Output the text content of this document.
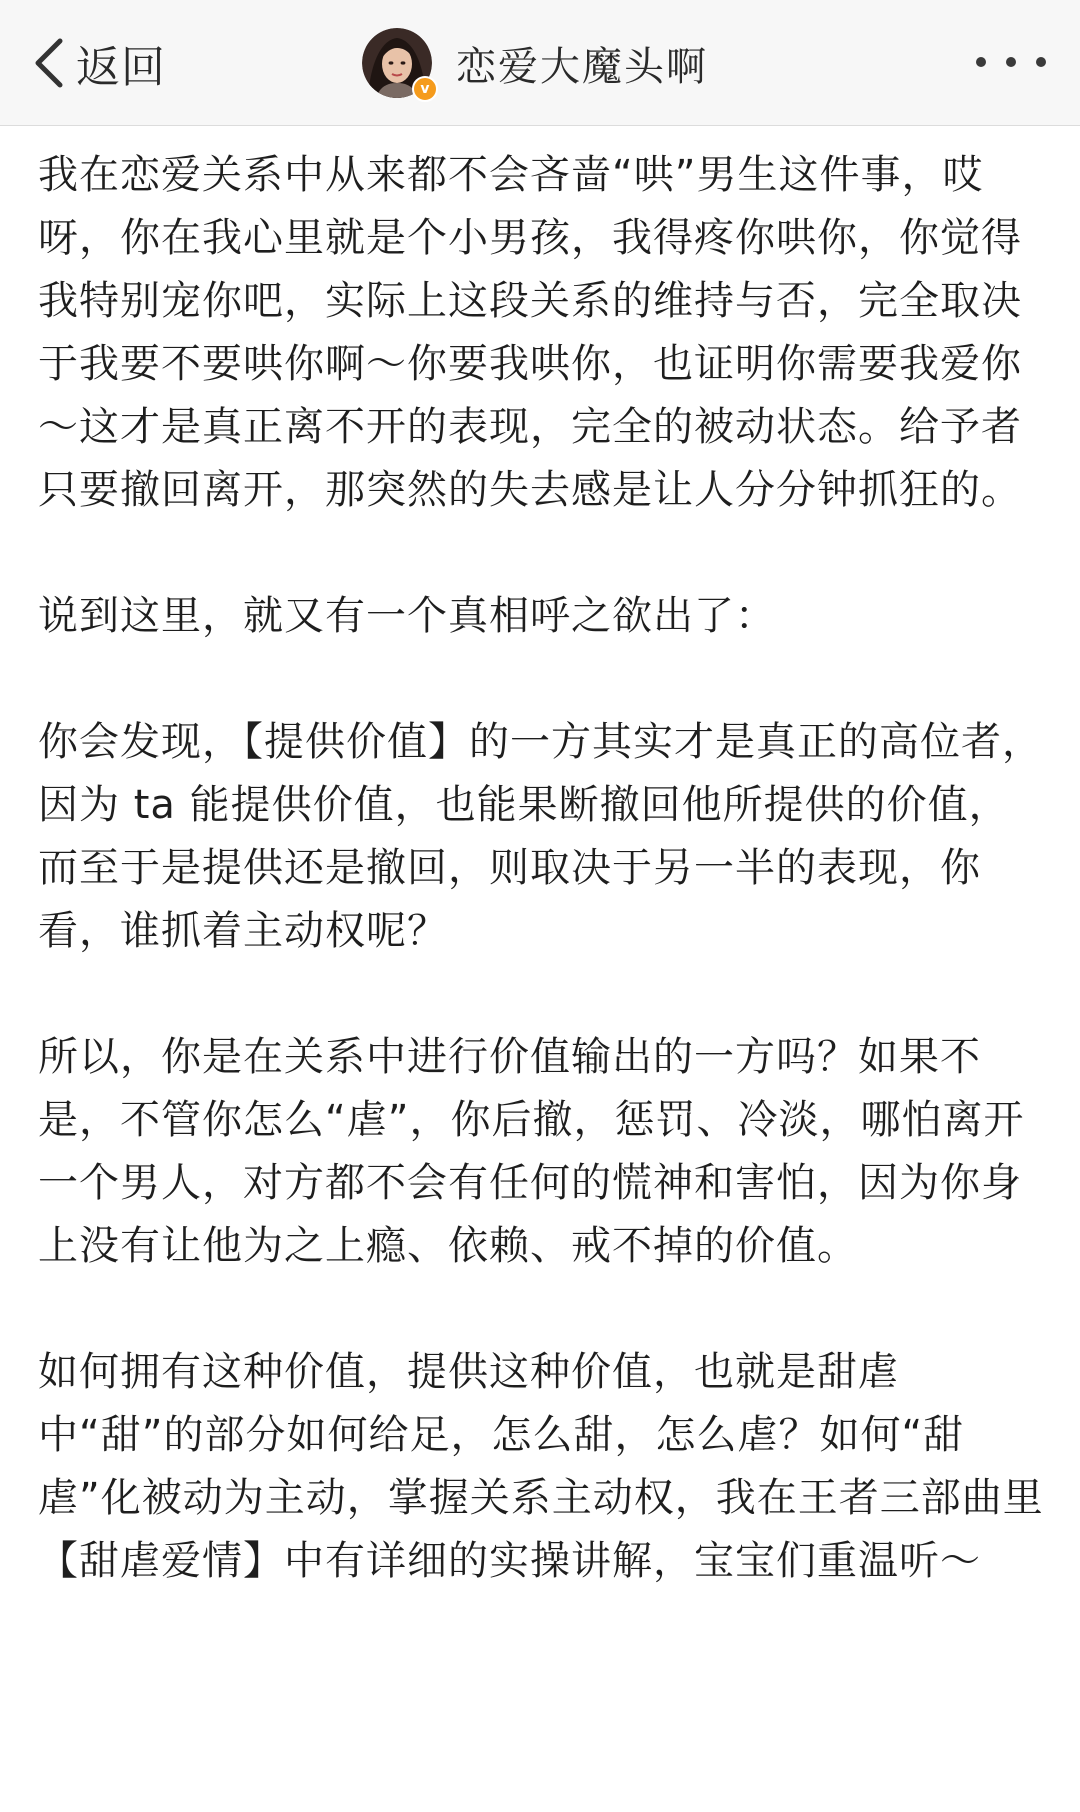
返回	v 恋爱大魔头啊

我在恋爱关系中从来都不会吝啬“哄”男生这件事，哎呀，你在我心里就是个小男孩，我得疼你哄你，你觉得我特别宠你吧，实际上这段关系的维持与否，完全取决于我要不要哄你啊～你要我哄你，也证明你需要我爱你～这才是真正离不开的表现，完全的被动状态。给予者只要撤回离开，那突然的失去感是让人分分钟抓狂的。

说到这里，就又有一个真相呼之欲出了：

你会发现，【提供价值】的一方其实才是真正的高位者，因为 ta 能提供价值，也能果断撤回他所提供的价值，而至于是提供还是撤回，则取决于另一半的表现，你看，谁抓着主动权呢？

所以，你是在关系中进行价值输出的一方吗？如果不是，不管你怎么“虐”，你后撤，惩罚、冷淡，哪怕离开一个男人，对方都不会有任何的慌神和害怕，因为你身上没有让他为之上瘾、依赖、戒不掉的价值。

如何拥有这种价值，提供这种价值，也就是甜虐中“甜”的部分如何给足，怎么甜，怎么虐？如何“甜虐”化被动为主动，掌握关系主动权，我在王者三部曲里【甜虐爱情】中有详细的实操讲解，宝宝们重温听～
